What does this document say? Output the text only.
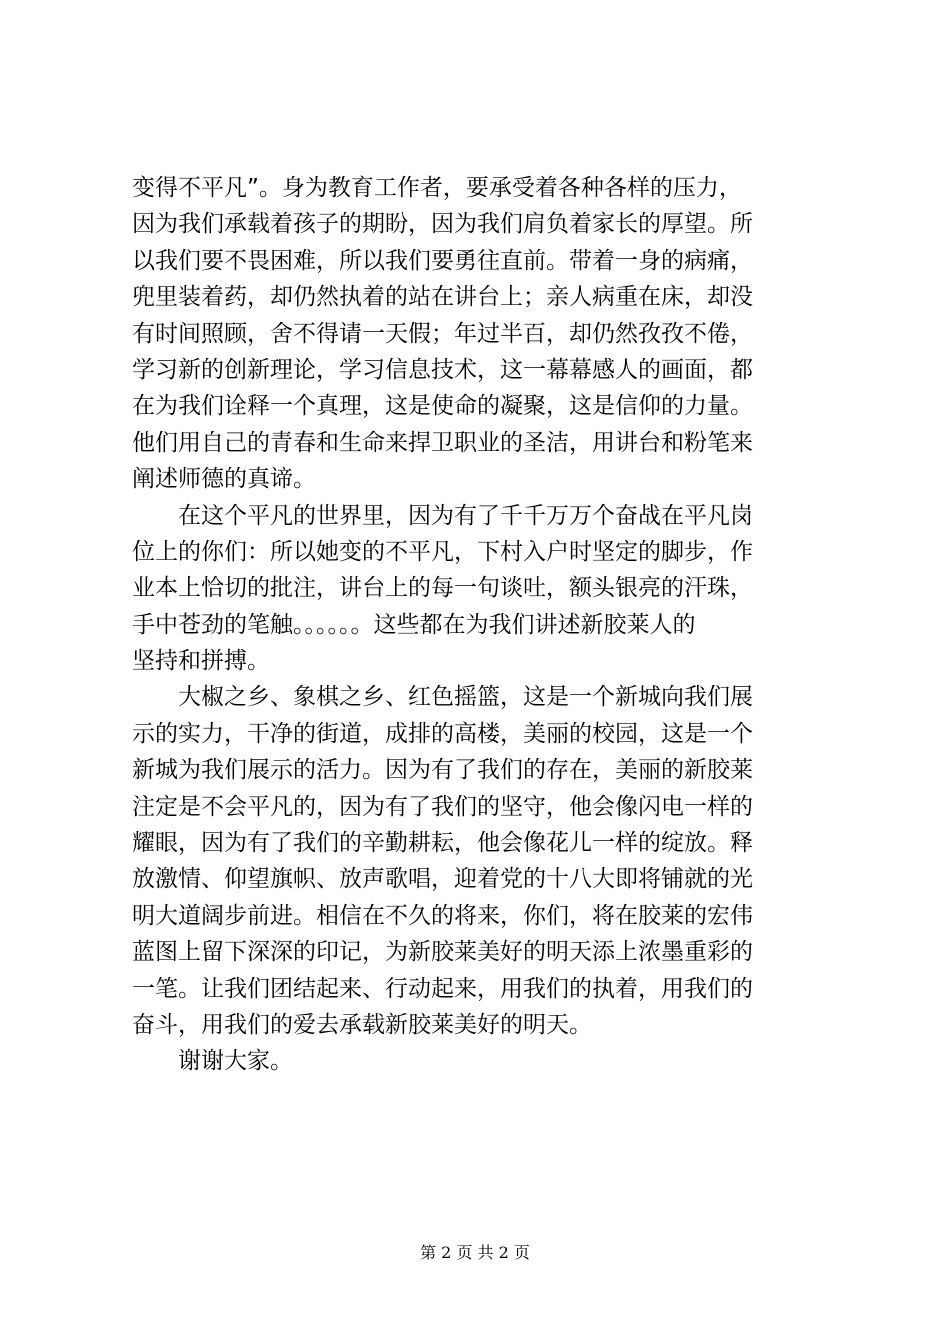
变得不平凡”。身为教育工作者，要承受着各种各样的压力，
因为我们承载着孩子的期盼，因为我们肩负着家长的厚望。所
以我们要不畏困难，所以我们要勇往直前。带着一身的病痛，
兜里装着药，却仍然执着的站在讲台上；亲人病重在床，却没
有时间照顾，舍不得请一天假；年过半百，却仍然孜孜不倦，
学习新的创新理论，学习信息技术，这一幕幕感人的画面，都
在为我们诠释一个真理，这是使命的凝聚，这是信仰的力量。
他们用自己的青春和生命来捍卫职业的圣洁，用讲台和粉笔来
阐述师德的真谛。
在这个平凡的世界里，因为有了千千万万个奋战在平凡岗
位上的你们：所以她变的不平凡，下村入户时坚定的脚步，作
业本上恰切的批注，讲台上的每一句谈吐，额头银亮的汗珠，
手中苍劲的笔触。。。。。。这些都在为我们讲述新胶莱人的
坚持和拼搏。
大椒之乡、象棋之乡、红色摇篮，这是一个新城向我们展
示的实力，干净的街道，成排的高楼，美丽的校园，这是一个
新城为我们展示的活力。因为有了我们的存在，美丽的新胶莱
注定是不会平凡的，因为有了我们的坚守，他会像闪电一样的
耀眼，因为有了我们的辛勤耕耘，他会像花儿一样的绽放。释
放激情、仰望旗帜、放声歌唱，迎着党的十八大即将铺就的光
明大道阔步前进。相信在不久的将来，你们，将在胶莱的宏伟
蓝图上留下深深的印记，为新胶莱美好的明天添上浓墨重彩的
一笔。让我们团结起来、行动起来，用我们的执着，用我们的
奋斗，用我们的爱去承载新胶莱美好的明天。
谢谢大家。
第 2 页 共 2 页
